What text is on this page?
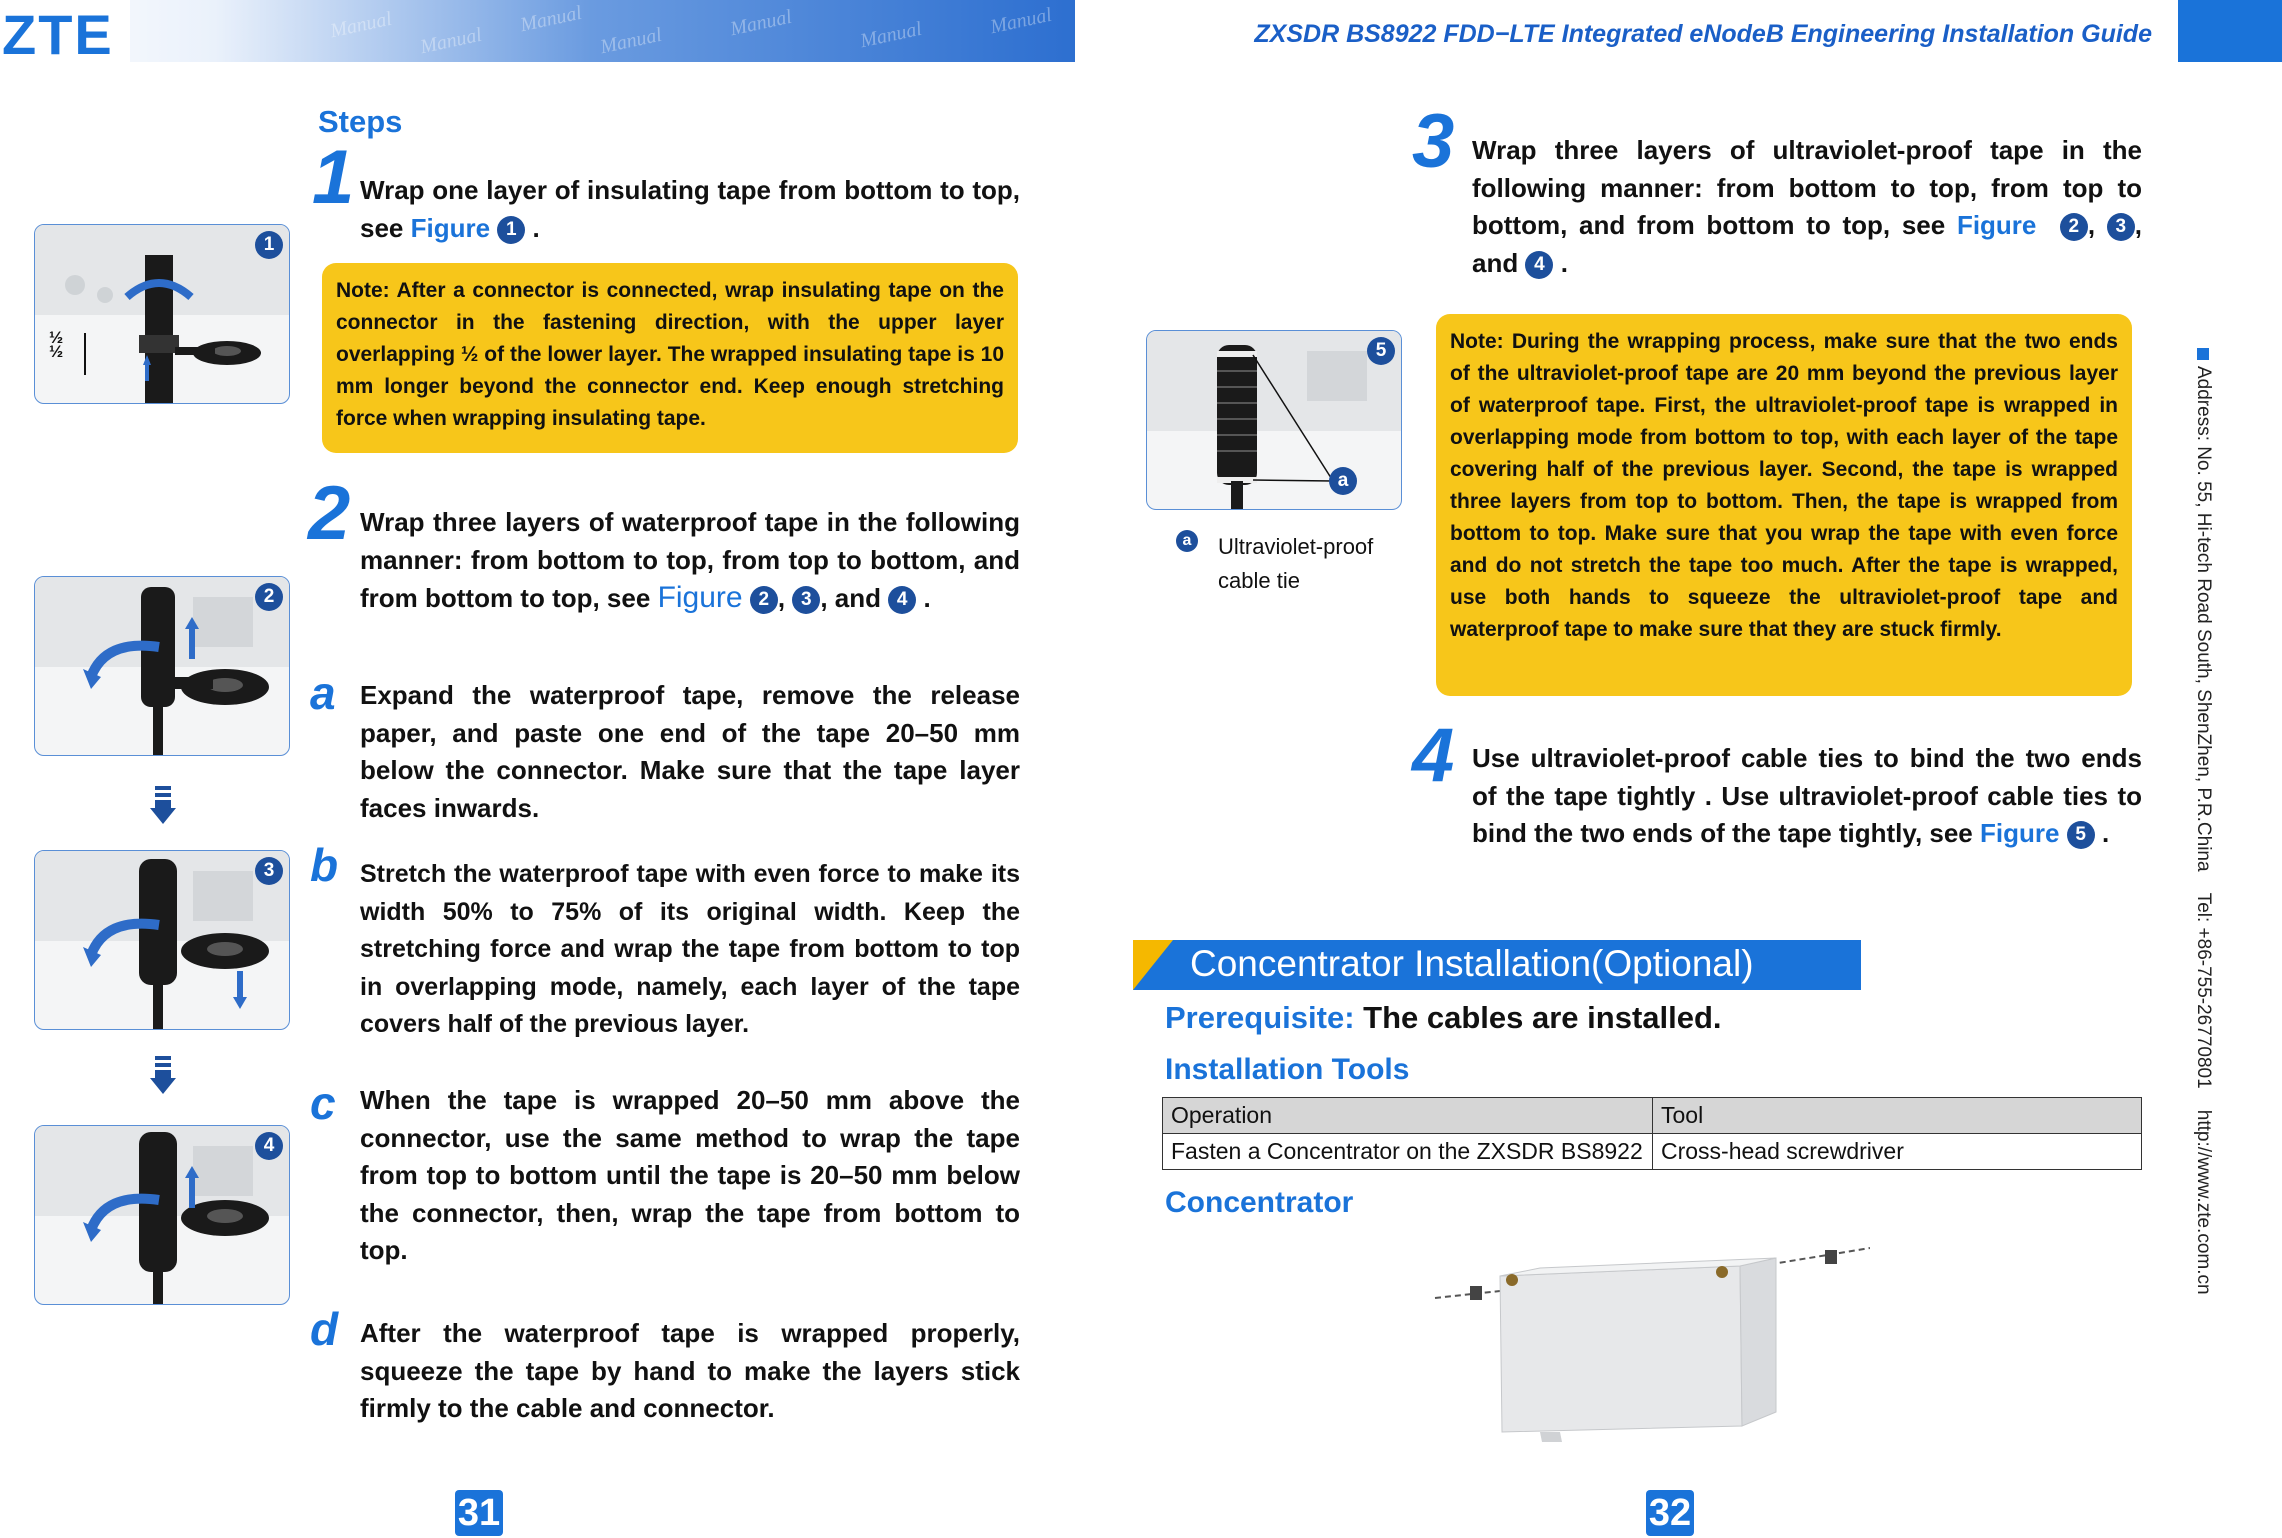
Manual Manual
Manual
Manual
Manual	Manual	Manual
ZTE	ZXSDR BS8922 FDD−LTE Integrated eNodeB Engineering Installation Guide
Address: No. 55, Hi-tech Road South, ShenZhen, P.R.China    Tel: +86-755-26770801    http://www.zte.com.cn
Steps
1 Wrap one layer of insulating tape from bottom to top, see Figure 1 .
Note: After a connector is connected, wrap insulating tape on the connector in the fastening direction, with the upper layer overlapping ½ of the lower layer. The wrapped insulating tape is 10 mm longer beyond the connector end. Keep enough stretching force when wrapping insulating tape.
2 Wrap three layers of waterproof tape in the following manner: from bottom to top, from top to bottom, and from bottom to top, see Figure 2 , 3 , and 4 .
a Expand the waterproof tape, remove the release paper, and paste one end of the tape 20–50 mm below the connector. Make sure that the tape layer faces inwards.
b Stretch the waterproof tape with even force to make its width 50% to 75% of its original width. Keep the stretching force and wrap the tape from bottom to top in overlapping mode, namely, each layer of the tape covers half of the previous layer.
c When the tape is wrapped 20–50 mm above the connector, use the same method to wrap the tape from top to bottom until the tape is 20–50 mm below the connector, then, wrap the tape from bottom to top.
d After the waterproof tape is wrapped properly, squeeze the tape by hand to make the layers stick firmly to the cable and connector.
½
½
1
2
3
4
31
3 Wrap three layers of ultraviolet-proof tape in the following manner: from bottom to top, from top to bottom, and from bottom to top, see Figure 2 , 3 , and 4 .
Note: During the wrapping process, make sure that the two ends of the ultraviolet-proof tape are 20 mm beyond the previous layer of waterproof tape. First, the ultraviolet-proof tape is wrapped in overlapping mode from bottom to top, with each layer of the tape covering half of the previous layer. Second, the tape is wrapped three layers from top to bottom. Then, the tape is wrapped from bottom to top. Make sure that you wrap the tape with even force and do not stretch the tape too much. After the tape is wrapped, use both hands to squeeze the ultraviolet-proof tape and waterproof tape to make sure that they are stuck firmly.
5
a
a Ultraviolet-proof cable tie
4 Use ultraviolet-proof cable ties to bind the two ends of the tape tightly . Use ultraviolet-proof cable ties to bind the two ends of the tape tightly, see Figure 5 .
Concentrator Installation(Optional)
Prerequisite: The cables are installed.
Installation Tools
Operation	Tool
Fasten a Concentrator on the ZXSDR BS8922	Cross-head screwdriver
Concentrator
32
